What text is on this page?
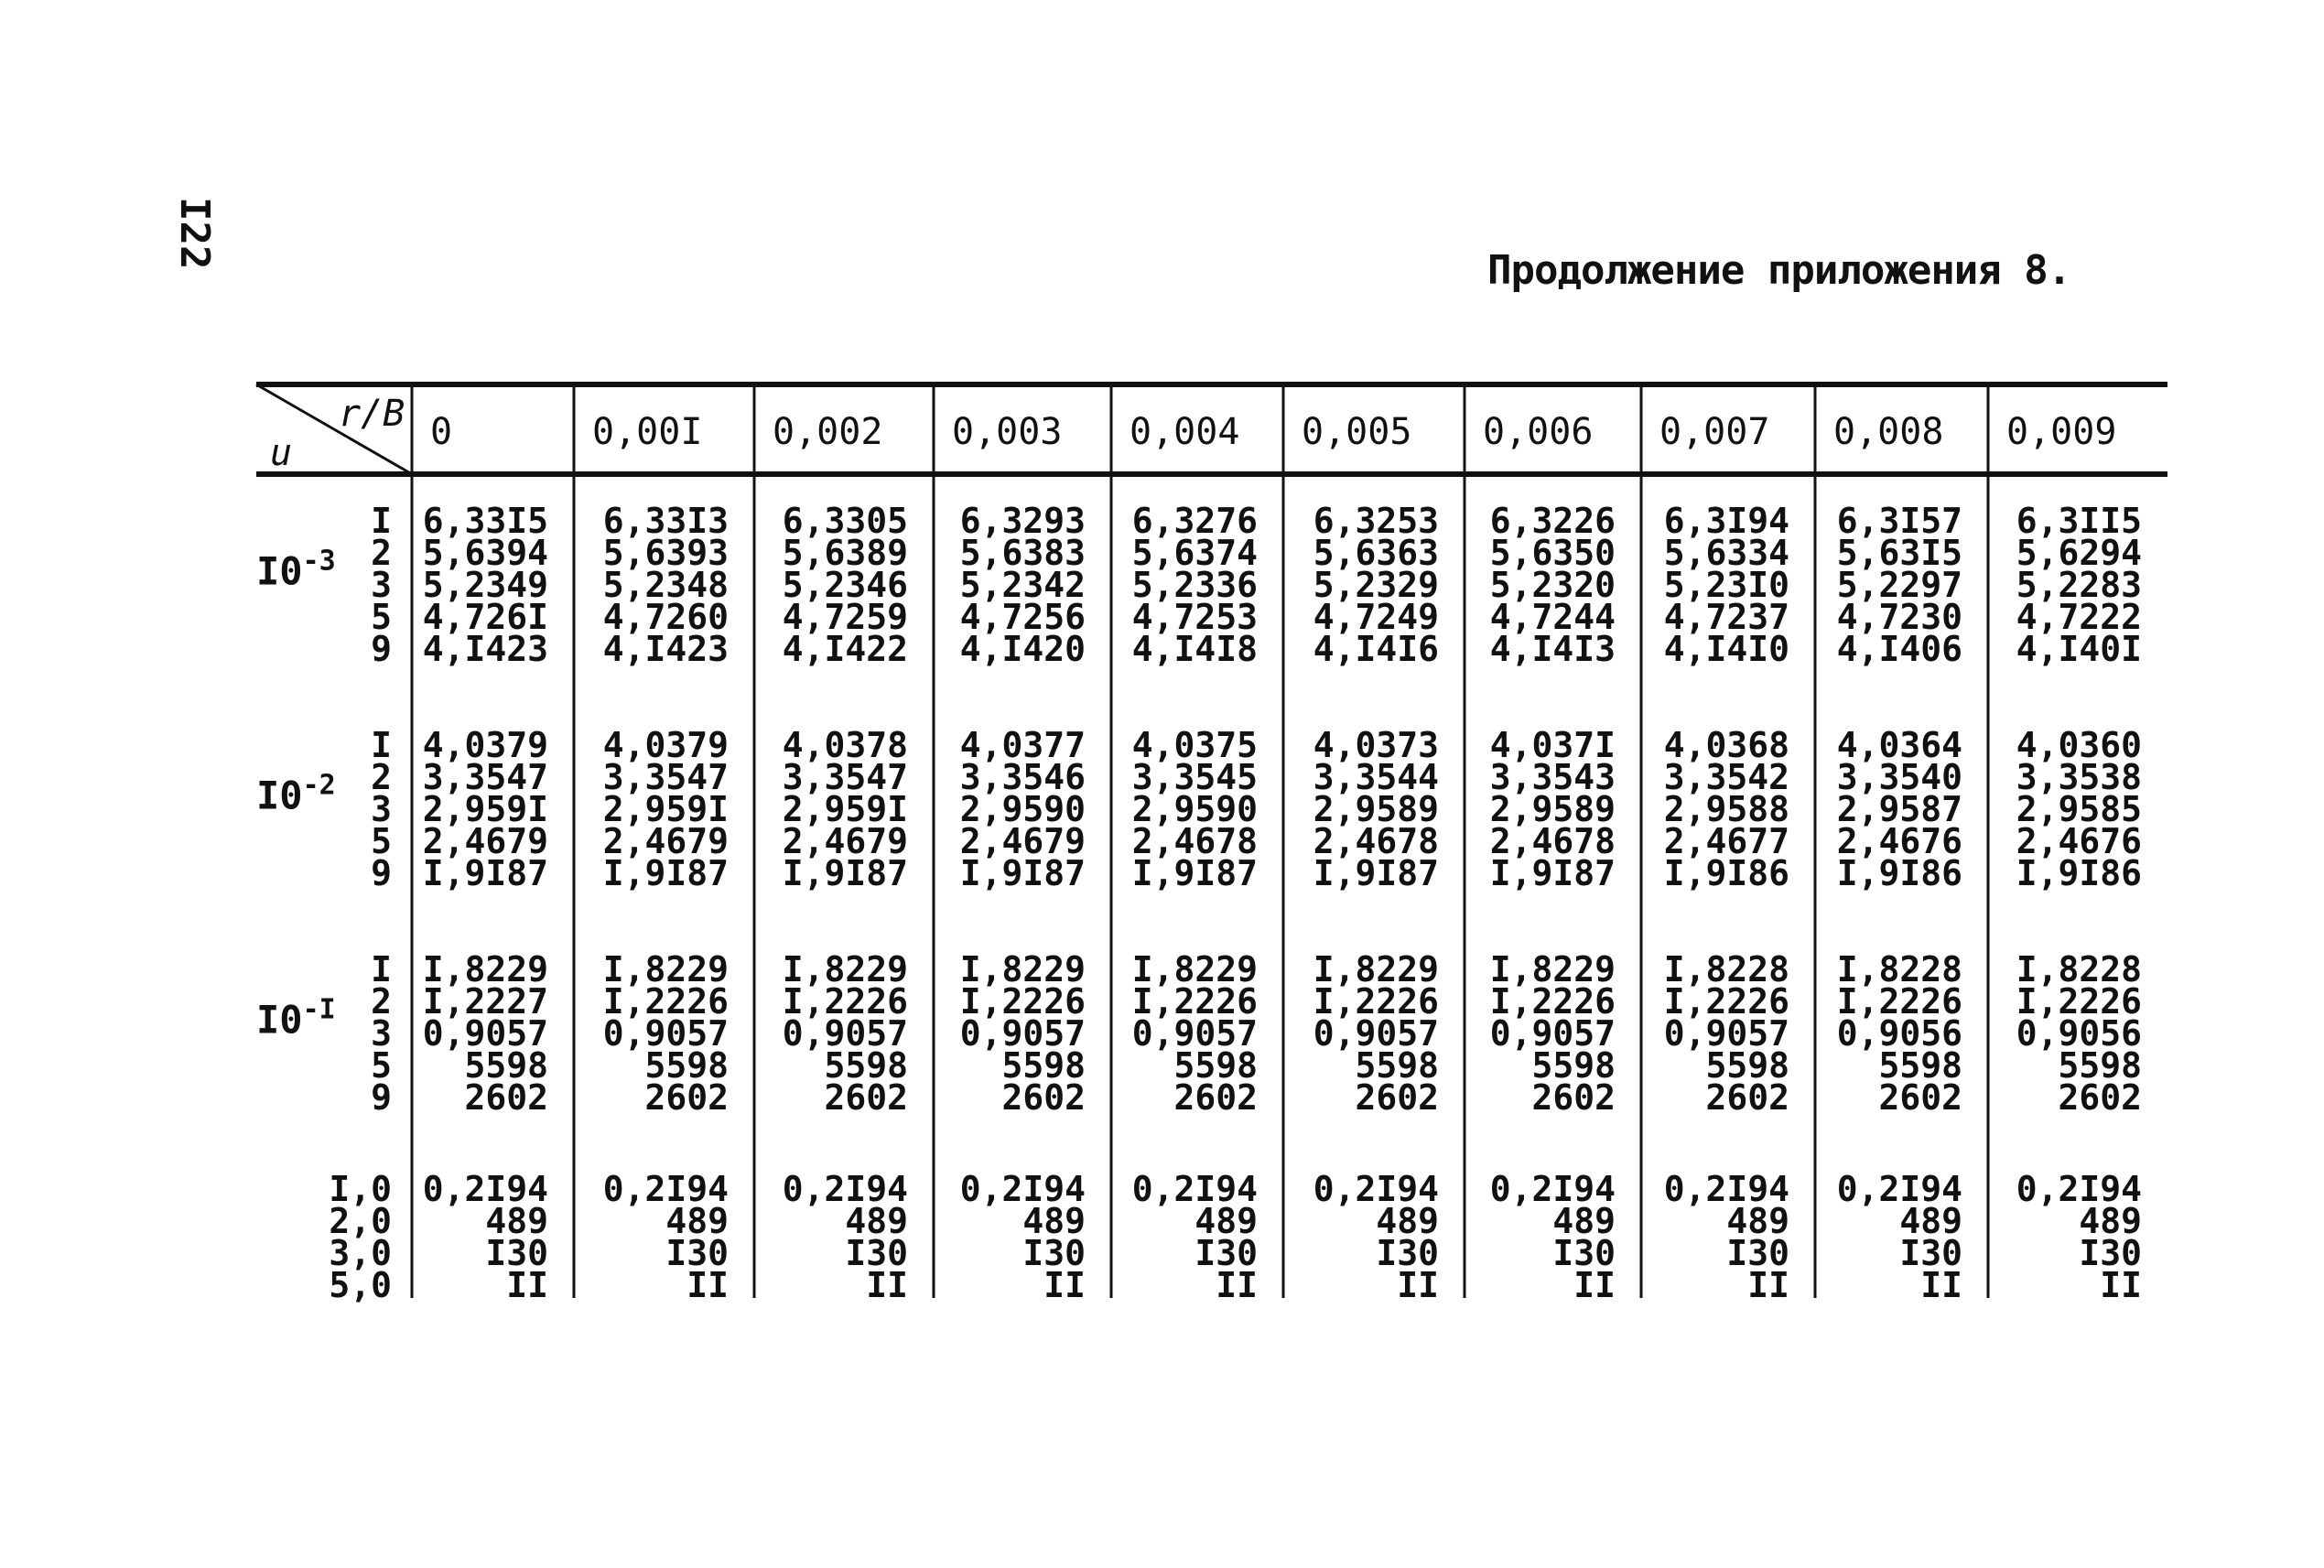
I22
Продолжение приложения 8.
r/B
u	0	0,00I 0,002 0,003 0,004 0,005 0,006 0,007 0,008 0,009
$I0^{-3}$
I 6,33I5 6,33I3 6,3305 6,3293 6,3276 6,3253 6,3226 6,3I94 6,3I57 6,3II5
2 5,6394 5,6393 5,6389 5,6383 5,6374 5,6363 5,6350 5,6334 5,63I5 5,6294
3 5,2349 5,2348 5,2346 5,2342 5,2336 5,2329 5,2320 5,23I0 5,2297 5,2283
5 4,726I 4,7260 4,7259 4,7256 4,7253 4,7249 4,7244 4,7237 4,7230 4,7222
9 4,I423 4,I423 4,I422 4,I420 4,I4I8 4,I4I6 4,I4I3 4,I4I0 4,I406 4,I40I
$I0^{-2}$
I 4,0379 4,0379 4,0378 4,0377 4,0375 4,0373 4,037I 4,0368 4,0364 4,0360
2 3,3547 3,3547 3,3547 3,3546 3,3545 3,3544 3,3543 3,3542 3,3540 3,3538
3 2,959I 2,959I 2,959I 2,9590 2,9590 2,9589 2,9589 2,9588 2,9587 2,9585
5 2,4679 2,4679 2,4679 2,4679 2,4678 2,4678 2,4678 2,4677 2,4676 2,4676
9 I,9I87 I,9I87 I,9I87 I,9I87 I,9I87 I,9I87 I,9I87 I,9I86 I,9I86 I,9I86
$I0^{-I}$
I I,8229 I,8229 I,8229 I,8229 I,8229 I,8229 I,8229 I,8228 I,8228 I,8228
2 I,2227 I,2226 I,2226 I,2226 I,2226 I,2226 I,2226 I,2226 I,2226 I,2226
3 0,9057 0,9057 0,9057 0,9057 0,9057 0,9057 0,9057 0,9057 0,9056 0,9056
5 5598	5598	5598	5598	5598	5598	5598	5598	5598	5598
9 2602	2602	2602	2602	2602	2602	2602	2602	2602	2602
I,0 0,2I94 0,2I94 0,2I94 0,2I94 0,2I94 0,2I94 0,2I94 0,2I94 0,2I94 0,2I94
2,0	489	489	489	489	489	489	489	489	489	489
3,0	I30	I30	I30	I30	I30	I30	I30	I30	I30	I30
5,0	II	II	II	II	II	II	II	II	II	II
